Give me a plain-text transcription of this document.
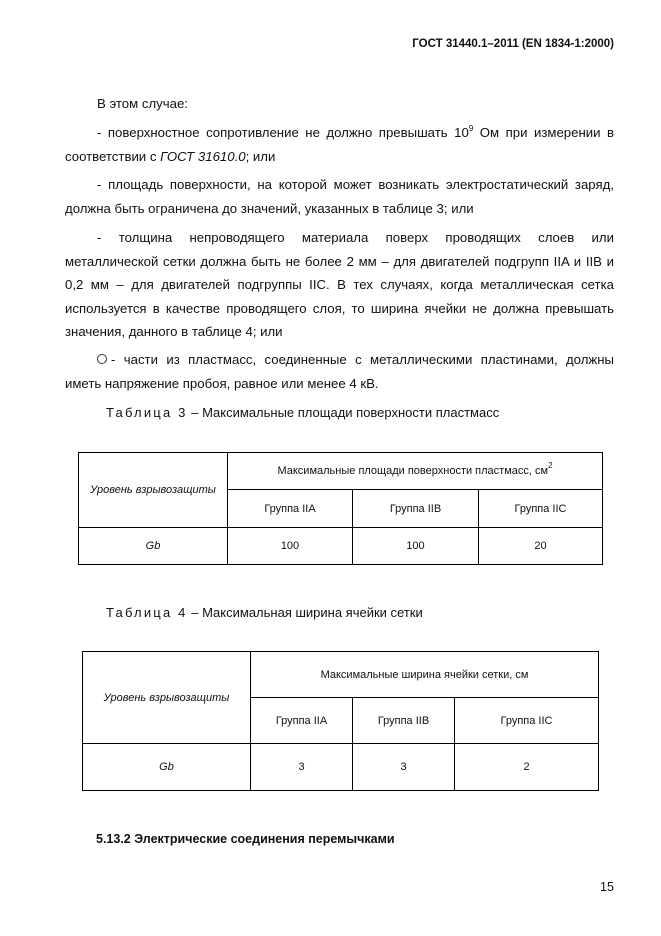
ГОСТ 31440.1–2011 (EN 1834-1:2000)
В этом случае:
- поверхностное сопротивление не должно превышать $10^9$ Ом при измерении в соответствии с ГОСТ 31610.0; или
- площадь поверхности, на которой может возникать электростатический заряд, должна быть ограничена до значений, указанных в таблице 3; или
- толщина непроводящего материала поверх проводящих слоев или металлической сетки должна быть не более 2 мм – для двигателей подгрупп IIA и IIB и 0,2 мм – для двигателей подгруппы IIC. В тех случаях, когда металлическая сетка используется в качестве проводящего слоя, то ширина ячейки не должна превышать значения, данного в таблице 4; или
- части из пластмасс, соединенные с металлическими пластинами, должны иметь напряжение пробоя, равное или менее 4 кВ.
Таблица 3 – Максимальные площади поверхности пластмасс
Уровень взрывозащиты	Максимальные площади поверхности пластмасс, $см^2$
	Группа IIA	Группа IIB	Группа IIC
Gb	100	100	20
Таблица 4 – Максимальная ширина ячейки сетки
Уровень взрывозащиты	Максимальные ширина ячейки сетки, см		
	Группа IIA	Группа IIB	Группа IIC
Gb	3	3	2
5.13.2 Электрические соединения перемычками
15
